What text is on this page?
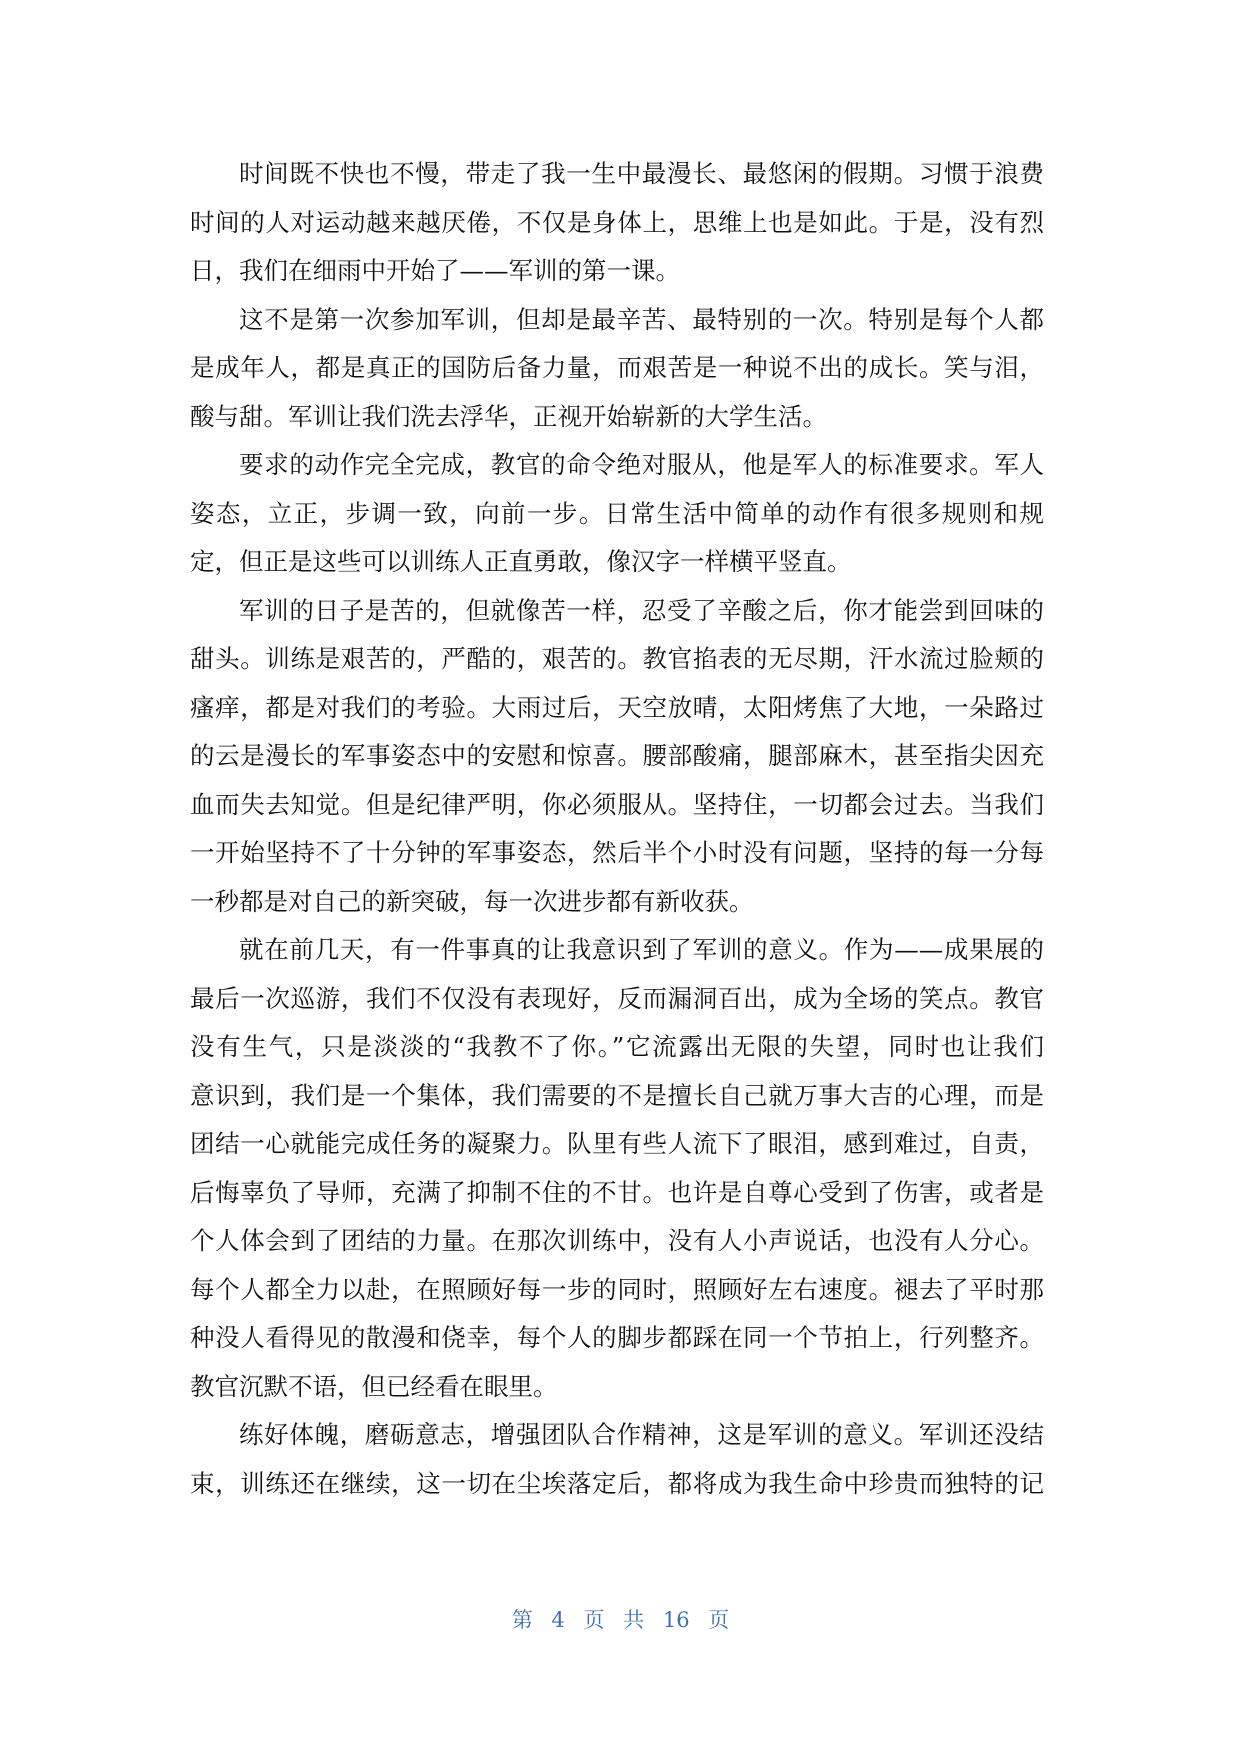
时间既不快也不慢，带走了我一生中最漫长、最悠闲的假期。习惯于浪费

时间的人对运动越来越厌倦，不仅是身体上，思维上也是如此。于是，没有烈

日，我们在细雨中开始了——军训的第一课。

这不是第一次参加军训，但却是最辛苦、最特别的一次。特别是每个人都

是成年人，都是真正的国防后备力量，而艰苦是一种说不出的成长。笑与泪，

酸与甜。军训让我们洗去浮华，正视开始崭新的大学生活。

要求的动作完全完成，教官的命令绝对服从，他是军人的标准要求。军人

姿态，立正，步调一致，向前一步。日常生活中简单的动作有很多规则和规

定，但正是这些可以训练人正直勇敢，像汉字一样横平竖直。

军训的日子是苦的，但就像苦一样，忍受了辛酸之后，你才能尝到回味的

甜头。训练是艰苦的，严酷的，艰苦的。教官掐表的无尽期，汗水流过脸颊的

瘙痒，都是对我们的考验。大雨过后，天空放晴，太阳烤焦了大地，一朵路过

的云是漫长的军事姿态中的安慰和惊喜。腰部酸痛，腿部麻木，甚至指尖因充

血而失去知觉。但是纪律严明，你必须服从。坚持住，一切都会过去。当我们

一开始坚持不了十分钟的军事姿态，然后半个小时没有问题，坚持的每一分每

一秒都是对自己的新突破，每一次进步都有新收获。

就在前几天，有一件事真的让我意识到了军训的意义。作为——成果展的

最后一次巡游，我们不仅没有表现好，反而漏洞百出，成为全场的笑点。教官

没有生气，只是淡淡的“我教不了你。”它流露出无限的失望，同时也让我们

意识到，我们是一个集体，我们需要的不是擅长自己就万事大吉的心理，而是

团结一心就能完成任务的凝聚力。队里有些人流下了眼泪，感到难过，自责，

后悔辜负了导师，充满了抑制不住的不甘。也许是自尊心受到了伤害，或者是

个人体会到了团结的力量。在那次训练中，没有人小声说话，也没有人分心。

每个人都全力以赴，在照顾好每一步的同时，照顾好左右速度。褪去了平时那

种没人看得见的散漫和侥幸，每个人的脚步都踩在同一个节拍上，行列整齐。

教官沉默不语，但已经看在眼里。

练好体魄，磨砺意志，增强团队合作精神，这是军训的意义。军训还没结

束，训练还在继续，这一切在尘埃落定后，都将成为我生命中珍贵而独特的记

第 4 页 共 16 页
